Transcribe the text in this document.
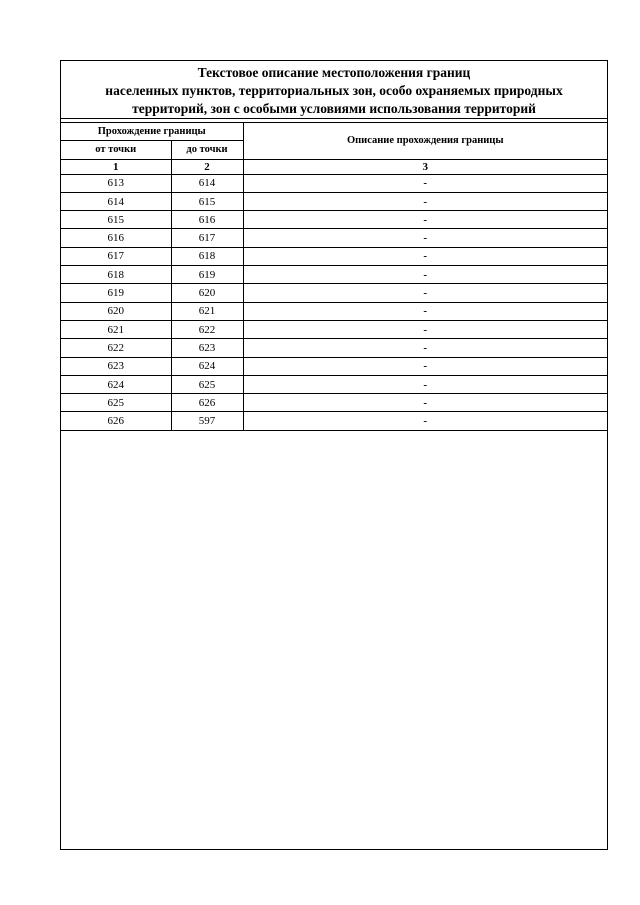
Текстовое описание местоположения границ
населенных пунктов, территориальных зон, особо охраняемых природных
территорий, зон с особыми условиями использования территорий
Прохождение границы		Описание прохождения границы
от точки	до точки	
1	2	3
613	614	-
614	615	-
615	616	-
616	617	-
617	618	-
618	619	-
619	620	-
620	621	-
621	622	-
622	623	-
623	624	-
624	625	-
625	626	-
626	597	-
